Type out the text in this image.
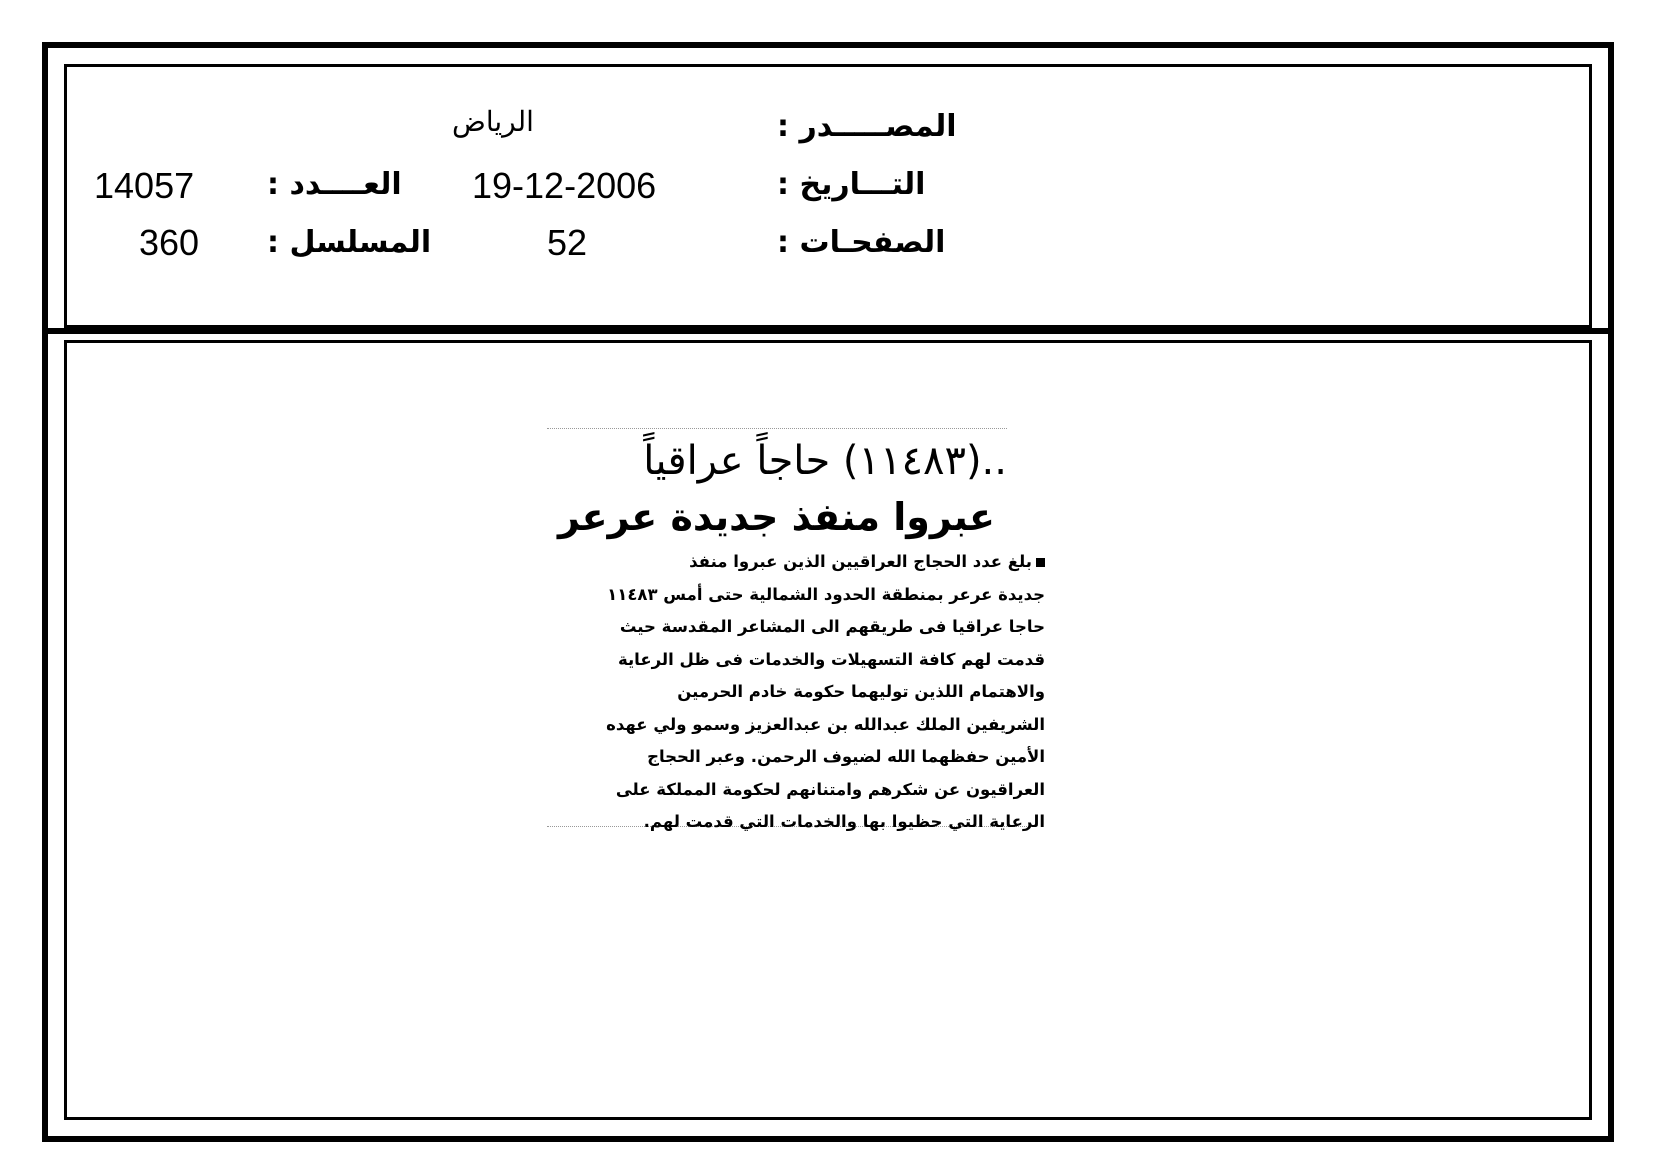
المصـــــدر :
الرياض
التـــاريخ :
19-12-2006
العــــدد :
14057
الصفحـات :
52
المسلسل :
360
..(١١٤٨٣) حاجاً عراقياً
عبروا منفذ جديدة عرعر

بلغ عدد الحجاج العراقيين الذين عبروا منفذ

جديدة عرعر بمنطقة الحدود الشمالية حتى أمس ١١٤٨٣

حاجا عراقيا فى طريقهم الى المشاعر المقدسة حيث

قدمت لهم كافة التسهيلات والخدمات فى ظل الرعاية

والاهتمام اللذين توليهما حكومة خادم الحرمين

الشريفين الملك عبدالله بن عبدالعزيز وسمو ولي عهده

الأمين حفظهما الله لضيوف الرحمن. وعبر الحجاج

العراقيون عن شكرهم وامتنانهم لحكومة المملكة على

الرعاية التي حظيوا بها والخدمات التي قدمت لهم.
